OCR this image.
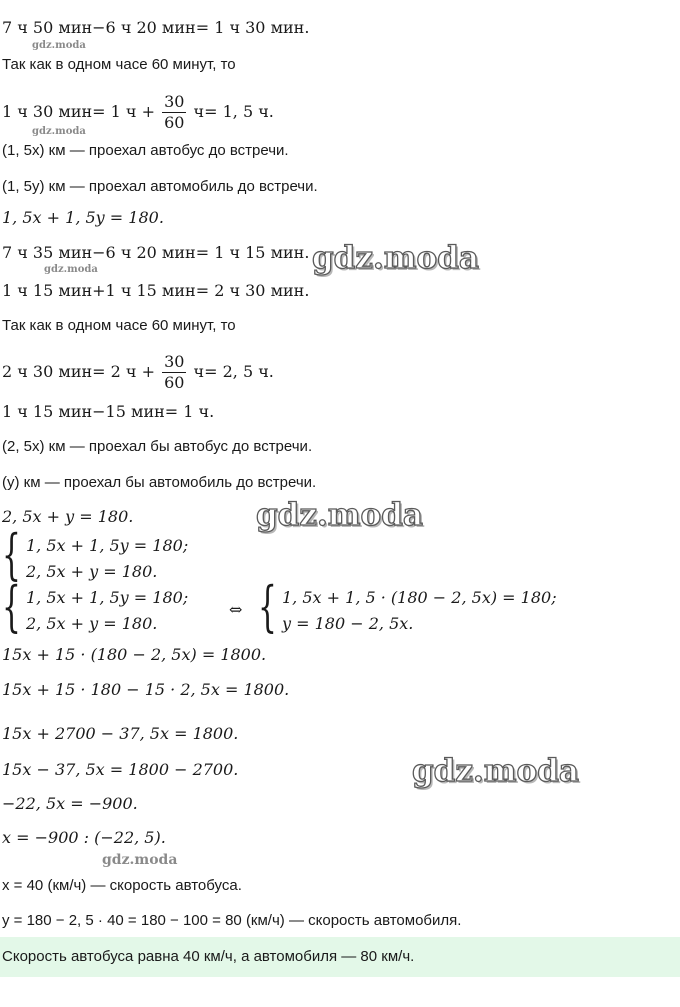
7 ч 50 мин−6 ч 20 мин= 1 ч 30 мин.
gdz.moda
Так как в одном часе 60 минут, то
1 ч 30 мин= 1 $ч + \frac{30}{60} ч= 1$, 5 ч.
gdz.moda
(1, 5x) км — проехал автобус до встречи.
(1, 5y) км — проехал автомобиль до встречи.
1, 5x + 1, 5y = 180.
7 ч 35 мин−6 ч 20 мин= 1 ч 15 мин. gdz.moda
gdz.moda
1 ч 15 мин+1 ч 15 мин= 2 ч 30 мин.
Так как в одном часе 60 минут, то
2 ч 30 мин= 2 $ч + \frac{30}{60} ч= 2$, 5 ч.
1 ч 15 мин−15 мин= 1 ч.
(2, 5x) км — проехал бы автобус до встречи.
(y) км — проехал бы автомобиль до встречи.
2, 5x + y = 180.	gdz.moda
{ 1, 5x + 1, 5y = 180;
2, 5x + y = 180.
{ 1, 5x + 1, 5y = 180;
2, 5x + y = 180.
⇔ { 1, 5x + 1, 5 · (180 − 2, 5x) = 180;
y = 180 − 2, 5x.
15x + 15 · (180 − 2, 5x) = 1800.
15x + 15 · 180 − 15 · 2, 5x = 1800.
15x + 2700 − 37, 5x = 1800.
15x − 37, 5x = 1800 − 2700.	gdz.moda
−22, 5x = −900.
x = −900 : (−22, 5).
gdz.moda
x = 40 (км/ч) — скорость автобуса.
y = 180 − 2, 5 · 40 = 180 − 100 = 80 (км/ч) — скорость автомобиля.
Скорость автобуса равна 40 км/ч, а автомобиля — 80 км/ч.
